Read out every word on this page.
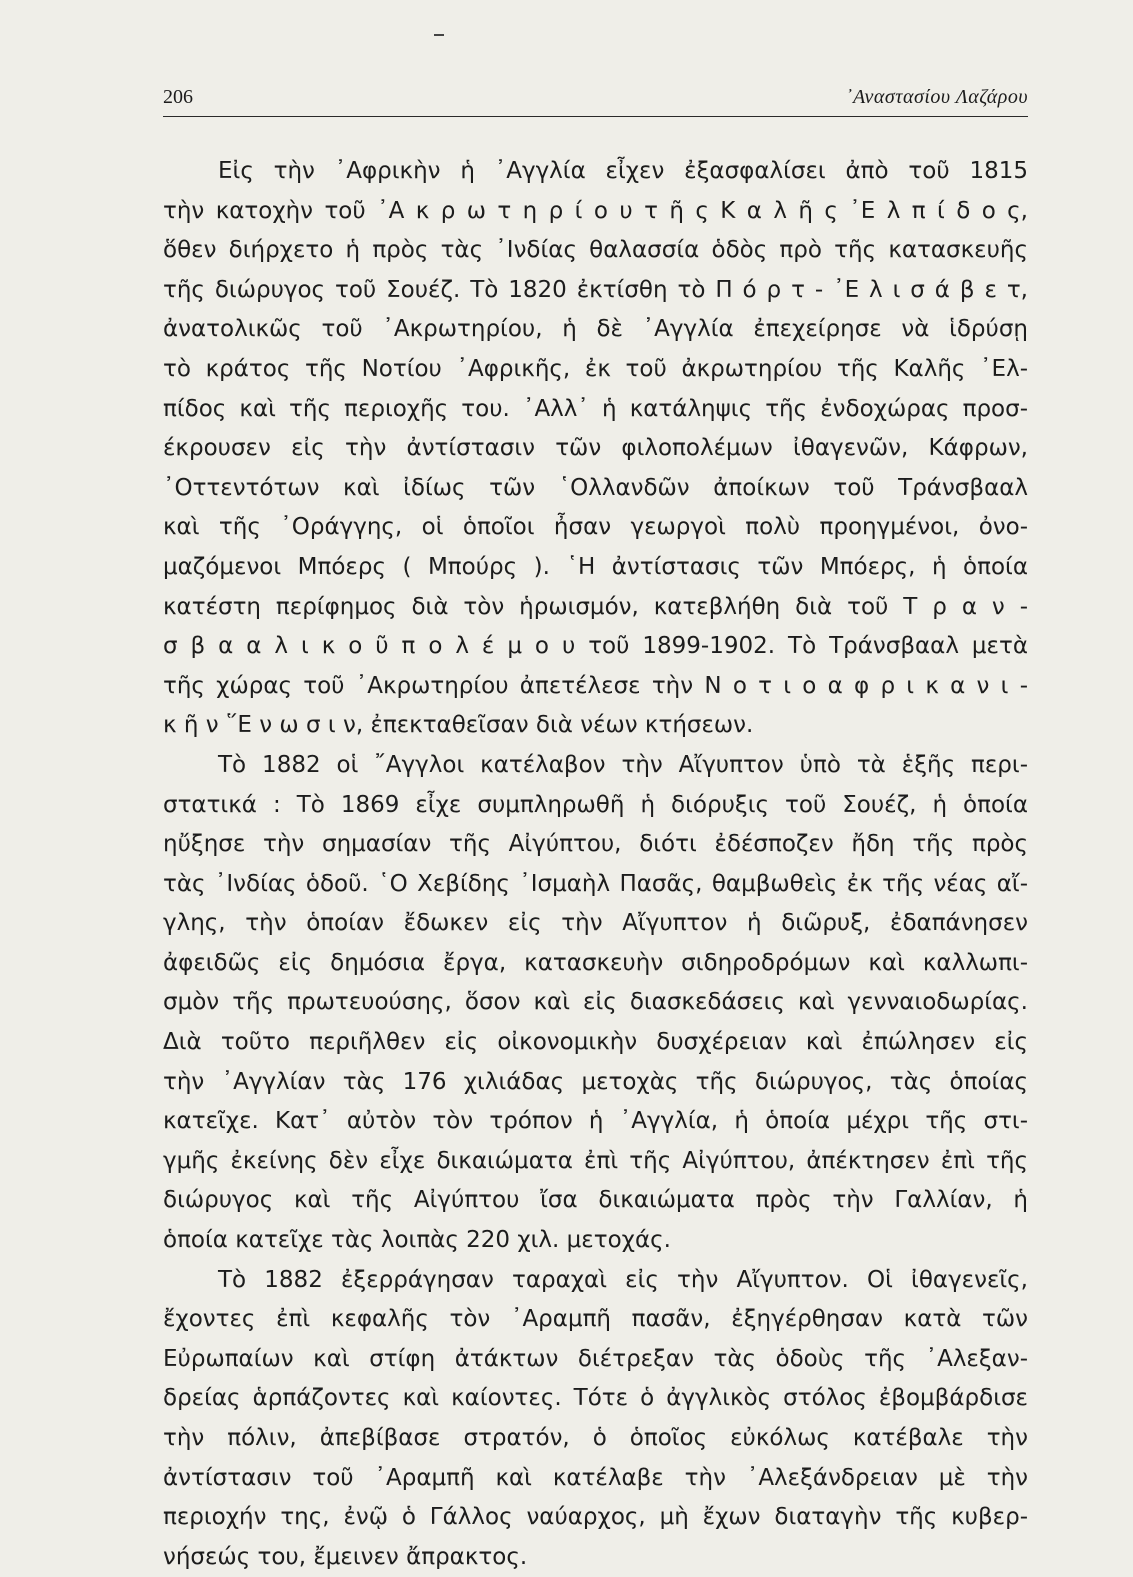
206	᾿Αναστασίου Λαζάρου
Εἰς τὴν ᾿Αφρικὴν ἡ ᾿Αγγλία εἶχεν ἐξασφαλίσει ἀπὸ τοῦ 1815
τὴν κατοχὴν τοῦ ᾿Α κ ρ ω τ η ρ ί ο υ τ ῆ ς Κ α λ ῆ ς ᾿Ε λ π ί δ ο ς,
ὅθεν διήρχετο ἡ πρὸς τὰς ᾿Ινδίας θαλασσία ὁδὸς πρὸ τῆς κατασκευῆς
τῆς διώρυγος τοῦ Σουέζ. Τὸ 1820 ἐκτίσθη τὸ Π ό ρ τ - ᾿Ε λ ι σ ά β ε τ,
ἀνατολικῶς τοῦ ᾿Ακρωτηρίου, ἡ δὲ ᾿Αγγλία ἐπεχείρησε νὰ ἱδρύσῃ
τὸ κράτος τῆς Νοτίου ᾿Αφρικῆς, ἐκ τοῦ ἀκρωτηρίου τῆς Καλῆς ᾿Ελ-
πίδος καὶ τῆς περιοχῆς του. ᾿Αλλ᾿ ἡ κατάληψις τῆς ἐνδοχώρας προσ-
έκρουσεν εἰς τὴν ἀντίστασιν τῶν φιλοπολέμων ἰθαγενῶν, Κάφρων,
᾿Οττεντότων καὶ ἰδίως τῶν ῾Ολλανδῶν ἀποίκων τοῦ Τράνσβααλ
καὶ τῆς ᾿Οράγγης, οἱ ὁποῖοι ἦσαν γεωργοὶ πολὺ προηγμένοι, ὀνο-
μαζόμενοι Μπόερς ( Μπούρς ). ῾Η ἀντίστασις τῶν Μπόερς, ἡ ὁποία
κατέστη περίφημος διὰ τὸν ἡρωισμόν, κατεβλήθη διὰ τοῦ Τ ρ α ν -
σ β α α λ ι κ ο ῦ π ο λ έ μ ο υ τοῦ 1899-1902. Τὸ Τράνσβααλ μετὰ
τῆς χώρας τοῦ ᾿Ακρωτηρίου ἀπετέλεσε τὴν Ν ο τ ι ο α φ ρ ι κ α ν ι -
κ ῆ ν ῞Ε ν ω σ ι ν, ἐπεκταθεῖσαν διὰ νέων κτήσεων.
Τὸ 1882 οἱ ῎Αγγλοι κατέλαβον τὴν Αἴγυπτον ὑπὸ τὰ ἑξῆς περι-
στατικά : Τὸ 1869 εἶχε συμπληρωθῆ ἡ διόρυξις τοῦ Σουέζ, ἡ ὁποία
ηὔξησε τὴν σημασίαν τῆς Αἰγύπτου, διότι ἐδέσποζεν ἤδη τῆς πρὸς
τὰς ᾿Ινδίας ὁδοῦ. ῾Ο Χεβίδης ᾿Ισμαὴλ Πασᾶς, θαμβωθεὶς ἐκ τῆς νέας αἴ-
γλης, τὴν ὁποίαν ἔδωκεν εἰς τὴν Αἴγυπτον ἡ διῶρυξ, ἐδαπάνησεν
ἀφειδῶς εἰς δημόσια ἔργα, κατασκευὴν σιδηροδρόμων καὶ καλλωπι-
σμὸν τῆς πρωτευούσης, ὅσον καὶ εἰς διασκεδάσεις καὶ γενναιοδωρίας.
Διὰ τοῦτο περιῆλθεν εἰς οἰκονομικὴν δυσχέρειαν καὶ ἐπώλησεν εἰς
τὴν ᾿Αγγλίαν τὰς 176 χιλιάδας μετοχὰς τῆς διώρυγος, τὰς ὁποίας
κατεῖχε. Κατ᾿ αὐτὸν τὸν τρόπον ἡ ᾿Αγγλία, ἡ ὁποία μέχρι τῆς στι-
γμῆς ἐκείνης δὲν εἶχε δικαιώματα ἐπὶ τῆς Αἰγύπτου, ἀπέκτησεν ἐπὶ τῆς
διώρυγος καὶ τῆς Αἰγύπτου ἴσα δικαιώματα πρὸς τὴν Γαλλίαν, ἡ
ὁποία κατεῖχε τὰς λοιπὰς 220 χιλ. μετοχάς.
Τὸ 1882 ἐξερράγησαν ταραχαὶ εἰς τὴν Αἴγυπτον. Οἱ ἰθαγενεῖς,
ἔχοντες ἐπὶ κεφαλῆς τὸν ᾿Αραμπῆ πασᾶν, ἐξηγέρθησαν κατὰ τῶν
Εὐρωπαίων καὶ στίφη ἀτάκτων διέτρεξαν τὰς ὁδοὺς τῆς ᾿Αλεξαν-
δρείας ἁρπάζοντες καὶ καίοντες. Τότε ὁ ἀγγλικὸς στόλος ἐβομβάρδισε
τὴν πόλιν, ἀπεβίβασε στρατόν, ὁ ὁποῖος εὐκόλως κατέβαλε τὴν
ἀντίστασιν τοῦ ᾿Αραμπῆ καὶ κατέλαβε τὴν ᾿Αλεξάνδρειαν μὲ τὴν
περιοχήν της, ἐνῷ ὁ Γάλλος ναύαρχος, μὴ ἔχων διαταγὴν τῆς κυβερ-
νήσεώς του, ἔμεινεν ἄπρακτος.
